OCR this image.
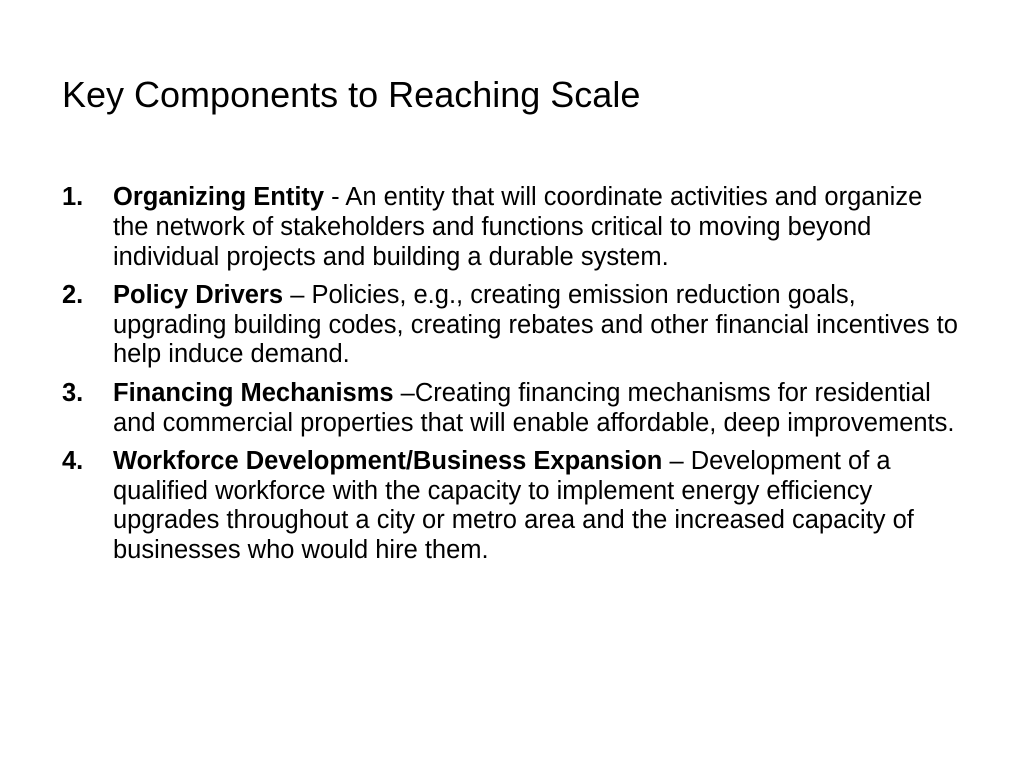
Key Components to Reaching Scale
1. Organizing Entity - An entity that will coordinate activities and organize the network of stakeholders and functions critical to moving beyond individual projects and building a durable system.
2. Policy Drivers – Policies, e.g., creating emission reduction goals, upgrading building codes, creating rebates and other financial incentives to help induce demand.
3. Financing Mechanisms –Creating financing mechanisms for residential and commercial properties that will enable affordable, deep improvements.
4. Workforce Development/Business Expansion – Development of a qualified workforce with the capacity to implement energy efficiency upgrades throughout a city or metro area and the increased capacity of businesses who would hire them.
